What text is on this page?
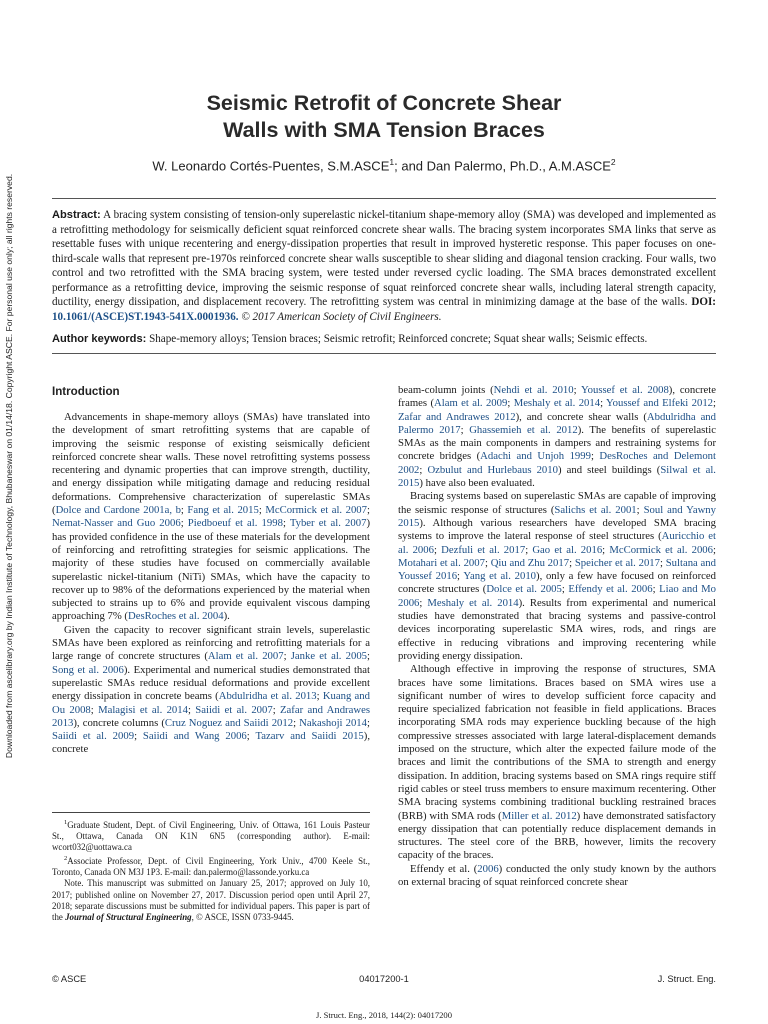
Downloaded from ascelibrary.org by Indian Institute of Technology, Bhubaneswar on 01/14/18. Copyright ASCE. For personal use only; all rights reserved.
Seismic Retrofit of Concrete Shear
Walls with SMA Tension Braces
W. Leonardo Cortés-Puentes, S.M.ASCE$^1$; and Dan Palermo, Ph.D., A.M.ASCE$^2$

Abstract: A bracing system consisting of tension-only superelastic nickel-titanium shape-memory alloy (SMA) was developed and implemented as a retrofitting methodology for seismically deficient squat reinforced concrete shear walls. The bracing system incorporates SMA links that serve as resettable fuses with unique recentering and energy-dissipation properties that result in improved hysteretic response. This paper focuses on one-third-scale walls that represent pre-1970s reinforced concrete shear walls susceptible to shear sliding and diagonal tension cracking. Four walls, two control and two retrofitted with the SMA bracing system, were tested under reversed cyclic loading. The SMA braces demonstrated excellent performance as a retrofitting device, improving the seismic response of squat reinforced concrete shear walls, including lateral strength capacity, ductility, energy dissipation, and displacement recovery. The retrofitting system was central in minimizing damage at the base of the walls. DOI: 10.1061/(ASCE)ST.1943-541X.0001936. © 2017 American Society of Civil Engineers.

Author keywords: Shape-memory alloys; Tension braces; Seismic retrofit; Reinforced concrete; Squat shear walls; Seismic effects.

Introduction

Advancements in shape-memory alloys (SMAs) have translated into the development of smart retrofitting systems that are capable of improving the seismic response of existing seismically deficient reinforced concrete shear walls. These novel retrofitting systems possess recentering and dynamic properties that can improve strength, ductility, and energy dissipation while mitigating damage and reducing residual deformations. Comprehensive characterization of superelastic SMAs (Dolce and Cardone 2001a, b; Fang et al. 2015; McCormick et al. 2007; Nemat-Nasser and Guo 2006; Piedboeuf et al. 1998; Tyber et al. 2007) has provided confidence in the use of these materials for the development of reinforcing and retrofitting strategies for seismic applications. The majority of these studies have focused on commercially available superelastic nickel-titanium (NiTi) SMAs, which have the capacity to recover up to 98% of the deformations experienced by the material when subjected to strains up to 6% and provide equivalent viscous damping approaching 7% (DesRoches et al. 2004).

Given the capacity to recover significant strain levels, superelastic SMAs have been explored as reinforcing and retrofitting materials for a large range of concrete structures (Alam et al. 2007; Janke et al. 2005; Song et al. 2006). Experimental and numerical studies demonstrated that superelastic SMAs reduce residual deformations and provide excellent energy dissipation in concrete beams (Abdulridha et al. 2013; Kuang and Ou 2008; Malagisi et al. 2014; Saiidi et al. 2007; Zafar and Andrawes 2013), concrete columns (Cruz Noguez and Saiidi 2012; Nakashoji 2014; Saiidi et al. 2009; Saiidi and Wang 2006; Tazarv and Saiidi 2015), concrete

$^1$Graduate Student, Dept. of Civil Engineering, Univ. of Ottawa, 161 Louis Pasteur St., Ottawa, Canada ON K1N 6N5 (corresponding author). E-mail: wcort032@uottawa.ca

$^2$Associate Professor, Dept. of Civil Engineering, York Univ., 4700 Keele St., Toronto, Canada ON M3J 1P3. E-mail: dan.palermo@lassonde.yorku.ca

Note. This manuscript was submitted on January 25, 2017; approved on July 10, 2017; published online on November 27, 2017. Discussion period open until April 27, 2018; separate discussions must be submitted for individual papers. This paper is part of the Journal of Structural Engineering, © ASCE, ISSN 0733-9445.

beam-column joints (Nehdi et al. 2010; Youssef et al. 2008), concrete frames (Alam et al. 2009; Meshaly et al. 2014; Youssef and Elfeki 2012; Zafar and Andrawes 2012), and concrete shear walls (Abdulridha and Palermo 2017; Ghassemieh et al. 2012). The benefits of superelastic SMAs as the main components in dampers and restraining systems for concrete bridges (Adachi and Unjoh 1999; DesRoches and Delemont 2002; Ozbulut and Hurlebaus 2010) and steel buildings (Silwal et al. 2015) have also been evaluated.

Bracing systems based on superelastic SMAs are capable of improving the seismic response of structures (Salichs et al. 2001; Soul and Yawny 2015). Although various researchers have developed SMA bracing systems to improve the lateral response of steel structures (Auricchio et al. 2006; Dezfuli et al. 2017; Gao et al. 2016; McCormick et al. 2006; Motahari et al. 2007; Qiu and Zhu 2017; Speicher et al. 2017; Sultana and Youssef 2016; Yang et al. 2010), only a few have focused on reinforced concrete structures (Dolce et al. 2005; Effendy et al. 2006; Liao and Mo 2006; Meshaly et al. 2014). Results from experimental and numerical studies have demonstrated that bracing systems and passive-control devices incorporating superelastic SMA wires, rods, and rings are effective in reducing vibrations and improving recentering while providing energy dissipation.

Although effective in improving the response of structures, SMA braces have some limitations. Braces based on SMA wires use a significant number of wires to develop sufficient force capacity and require specialized fabrication not feasible in field applications. Braces incorporating SMA rods may experience buckling because of the high compressive stresses associated with large lateral-displacement demands imposed on the structure, which alter the expected failure mode of the braces and limit the contributions of the SMA to strength and energy dissipation. In addition, bracing systems based on SMA rings require stiff rigid cables or steel truss members to ensure maximum recentering. Other SMA bracing systems combining traditional buckling restrained braces (BRB) with SMA rods (Miller et al. 2012) have demonstrated satisfactory energy dissipation that can potentially reduce displacement demands in structures. The steel core of the BRB, however, limits the recovery capacity of the braces.

Effendy et al. (2006) conducted the only study known by the authors on external bracing of squat reinforced concrete shear

04017200-1
© ASCE	J. Struct. Eng.
J. Struct. Eng., 2018, 144(2): 04017200
